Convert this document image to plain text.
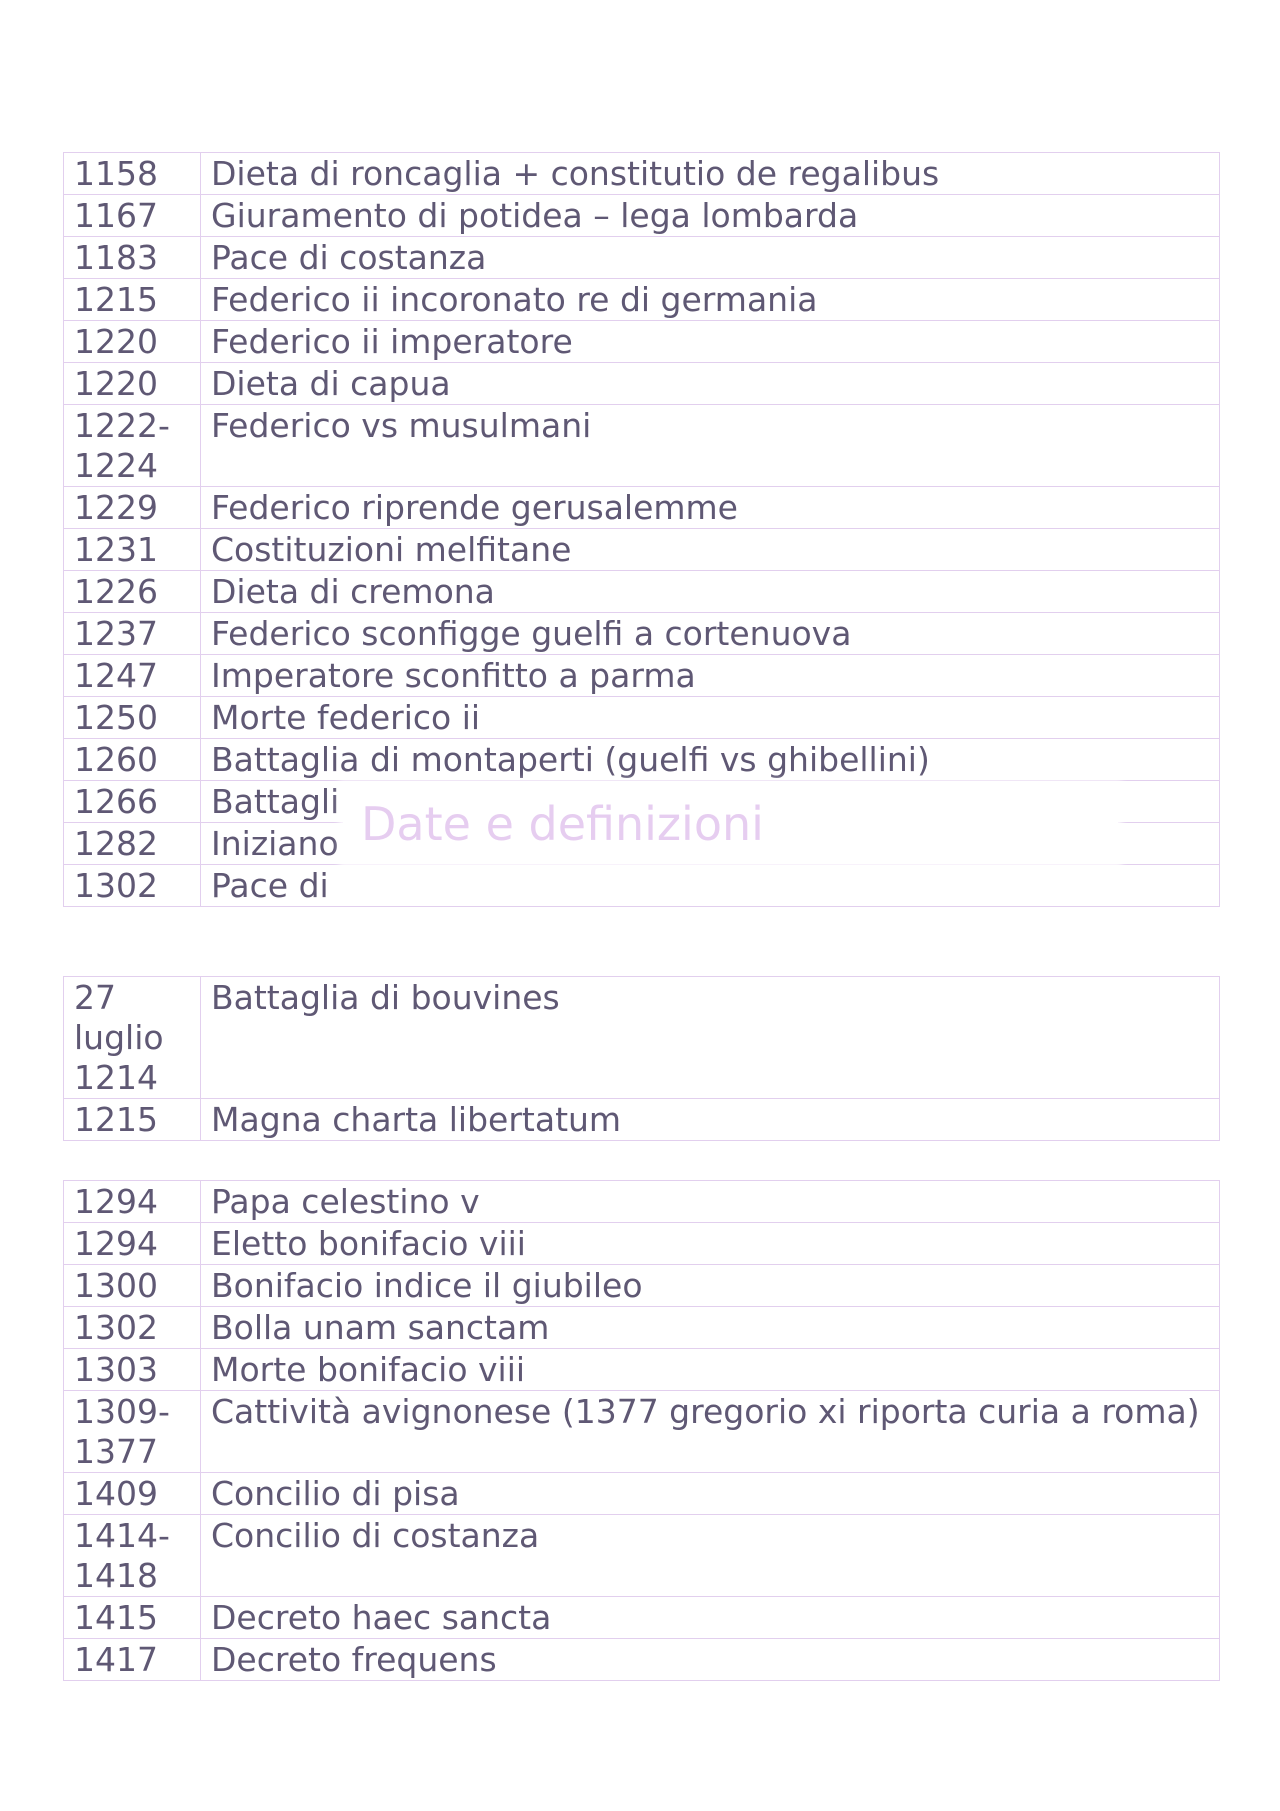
1158	Dieta di roncaglia + constitutio de regalibus
1167	Giuramento di potidea – lega lombarda
1183	Pace di costanza
1215	Federico ii incoronato re di germania
1220	Federico ii imperatore
1220	Dieta di capua
1222-1224	Federico vs musulmani
1229	Federico riprende gerusalemme
1231	Costituzioni melfitane
1226	Dieta di cremona
1237	Federico sconfigge guelfi a cortenuova
1247	Imperatore sconfitto a parma
1250	Morte federico ii
1260	Battaglia di montaperti (guelfi vs ghibellini)
1266	Battagli
1282	Iniziano
1302	Pace di
27 luglio 1214	Battaglia di bouvines
1215	Magna charta libertatum
1294	Papa celestino v
1294	Eletto bonifacio viii
1300	Bonifacio indice il giubileo
1302	Bolla unam sanctam
1303	Morte bonifacio viii
1309-1377	Cattività avignonese (1377 gregorio xi riporta curia a roma)
1409	Concilio di pisa
1414-1418	Concilio di costanza
1415	Decreto haec sancta
1417	Decreto frequens
Date e definizioni
